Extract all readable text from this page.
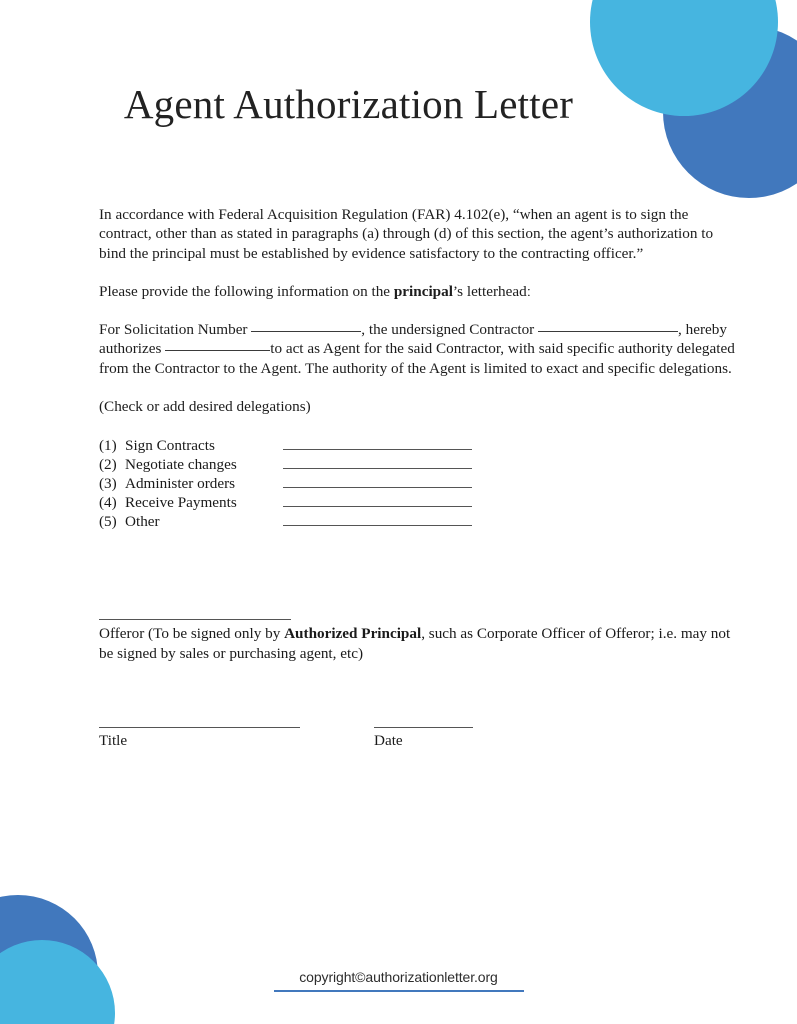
Agent Authorization Letter

In accordance with Federal Acquisition Regulation (FAR) 4.102(e), “when an agent is to sign the contract, other than as stated in paragraphs (a) through (d) of this section, the agent’s authorization to bind the principal must be established by evidence satisfactory to the contracting officer.”

Please provide the following information on the principal’s letterheadː

For Solicitation Number	, the undersigned Contractor	, hereby authorizes	to act as Agent for the said Contractor, with said specific authority delegated from the Contractor to the Agent. The authority of the Agent is limited to exact and specific delegations.

(Check or add desired delegations)

(1) Sign Contracts
(2) Negotiate changes
(3) Administer orders
(4) Receive Payments
(5) Other

Offeror (To be signed only by Authorized Principal, such as Corporate Officer of Offeror; i.e. may not be signed by sales or purchasing agent, etc)

Title	Date
copyright©authorizationletter.org
